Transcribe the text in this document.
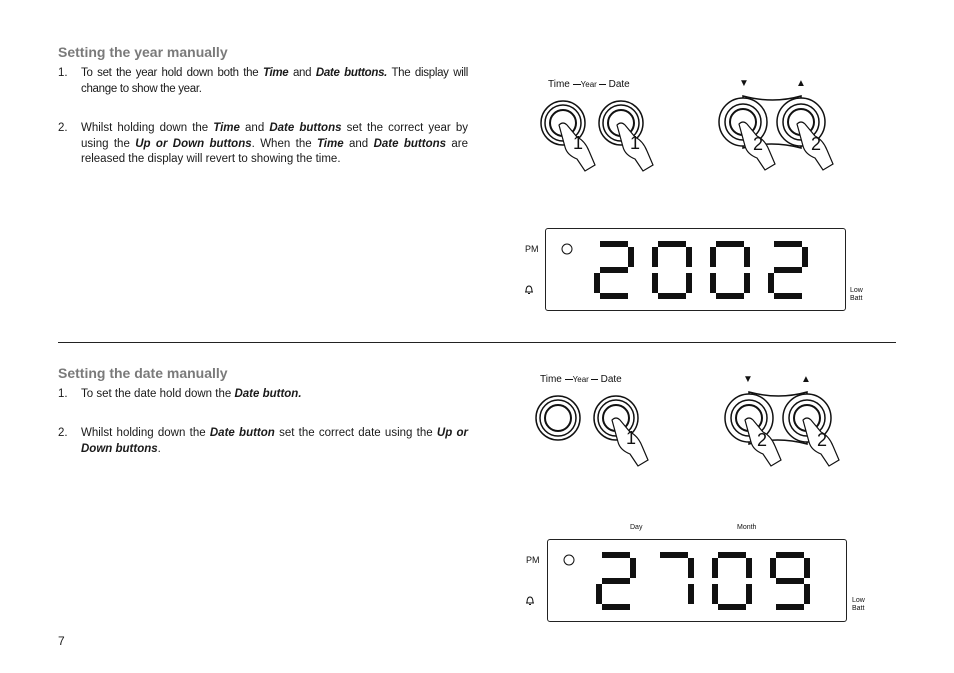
Setting the year manually
1. To set the year hold down both the Time and Date buttons. The display will change to show the year.
2. Whilst holding down the Time and Date buttons set the correct year by using the Up or Down buttons. When the Time and Date buttons are released the display will revert to showing the time.
Time Year Date
1	1
▼	▲
2	2
PM
Low
Batt
Setting the date manually
1. To set the date hold down the Date button.
2. Whilst holding down the Date button set the correct date using the Up or Down buttons.
Time Year Date
1
▼	▲
2	2
Day	Month
PM
Low
Batt
7
